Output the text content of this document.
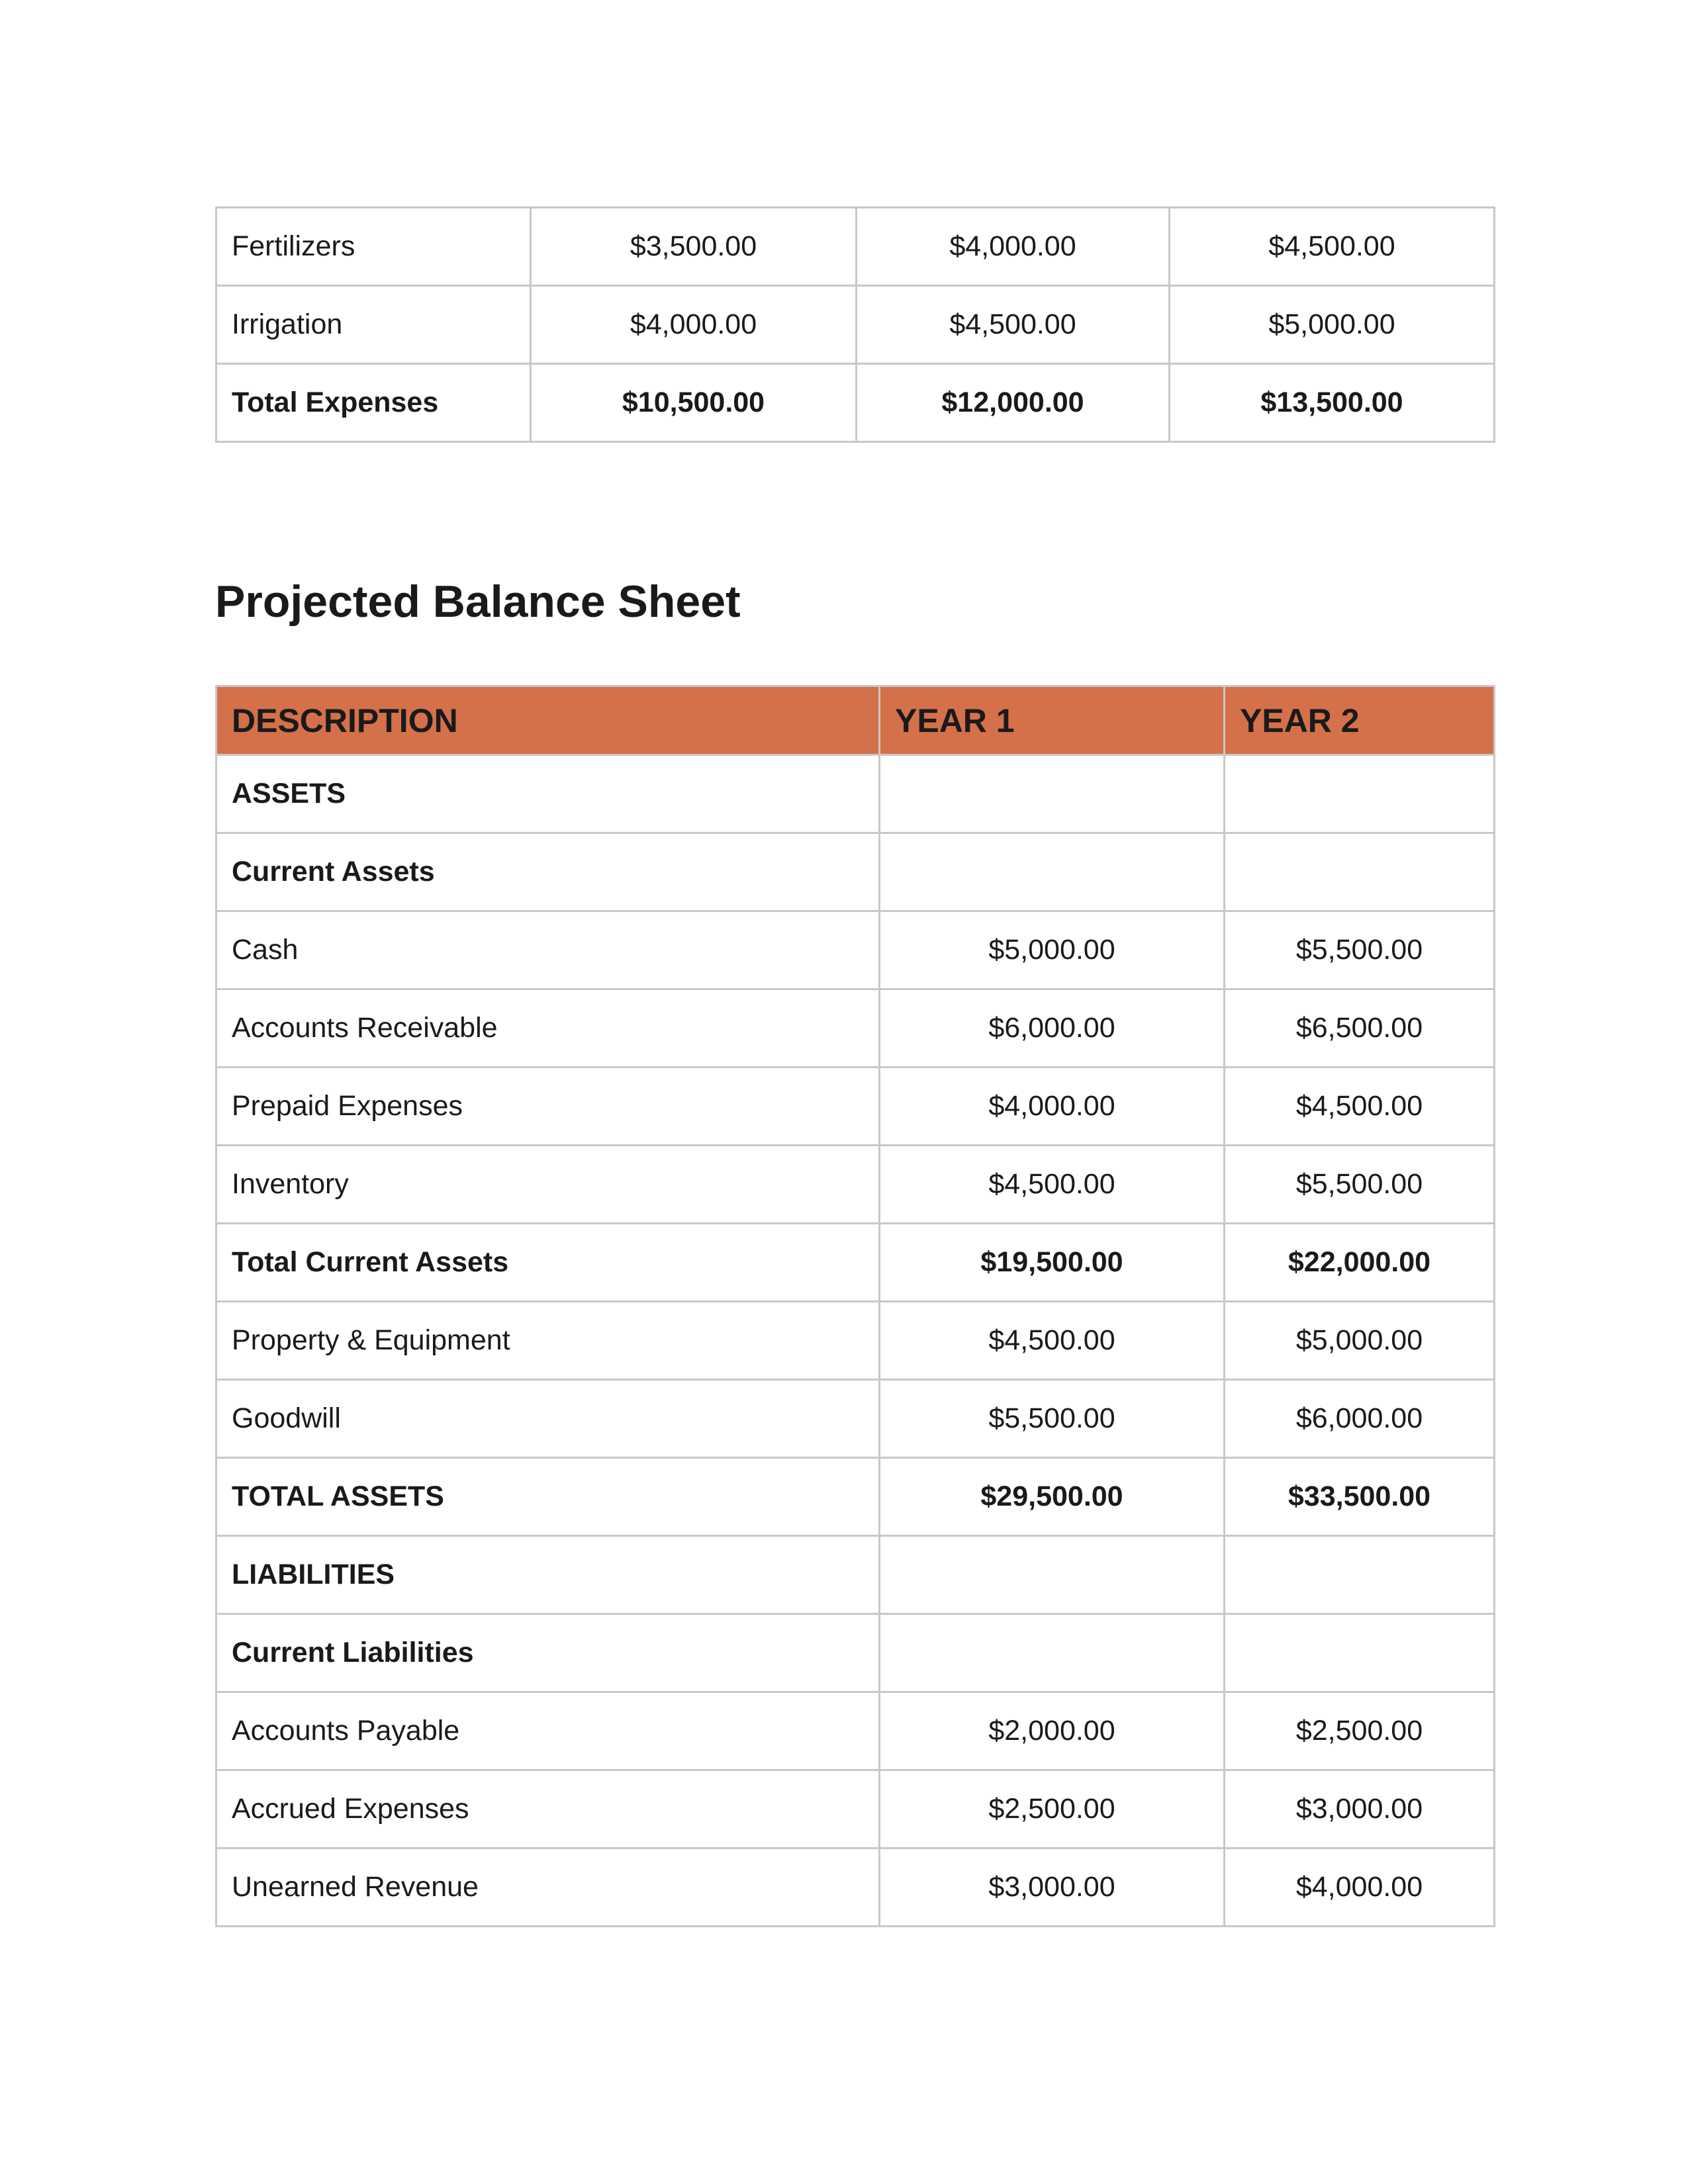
Fertilizers	$3,500.00	$4,000.00	$4,500.00
Irrigation	$4,000.00	$4,500.00	$5,000.00
Total Expenses	$10,500.00	$12,000.00	$13,500.00
Projected Balance Sheet
DESCRIPTION	YEAR 1	YEAR 2
ASSETS		
Current Assets		
Cash	$5,000.00	$5,500.00
Accounts Receivable	$6,000.00	$6,500.00
Prepaid Expenses	$4,000.00	$4,500.00
Inventory	$4,500.00	$5,500.00
Total Current Assets	$19,500.00	$22,000.00
Property & Equipment	$4,500.00	$5,000.00
Goodwill	$5,500.00	$6,000.00
TOTAL ASSETS	$29,500.00	$33,500.00
LIABILITIES		
Current Liabilities		
Accounts Payable	$2,000.00	$2,500.00
Accrued Expenses	$2,500.00	$3,000.00
Unearned Revenue	$3,000.00	$4,000.00
